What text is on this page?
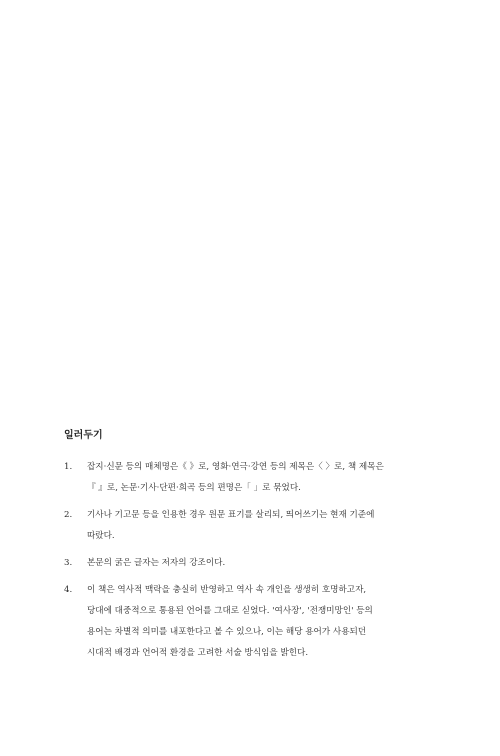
일러두기
1. 잡지·신문 등의 매체명은《 》로, 영화·연극·강연 등의 제목은〈 〉로, 책 제목은『 』로, 논문·기사·단편·희곡 등의 편명은「 」로 묶었다.
2. 기사나 기고문 등을 인용한 경우 원문 표기를 살리되, 띄어쓰기는 현재 기준에 따랐다.
3. 본문의 굵은 글자는 저자의 강조이다.
4. 이 책은 역사적 맥락을 충실히 반영하고 역사 속 개인을 생생히 호명하고자, 당대에 대중적으로 통용된 언어를 그대로 싣었다. '여사장', '전쟁미망인' 등의 용어는 차별적 의미를 내포한다고 볼 수 있으나, 이는 해당 용어가 사용되던 시대적 배경과 언어적 환경을 고려한 서술 방식임을 밝힌다.
